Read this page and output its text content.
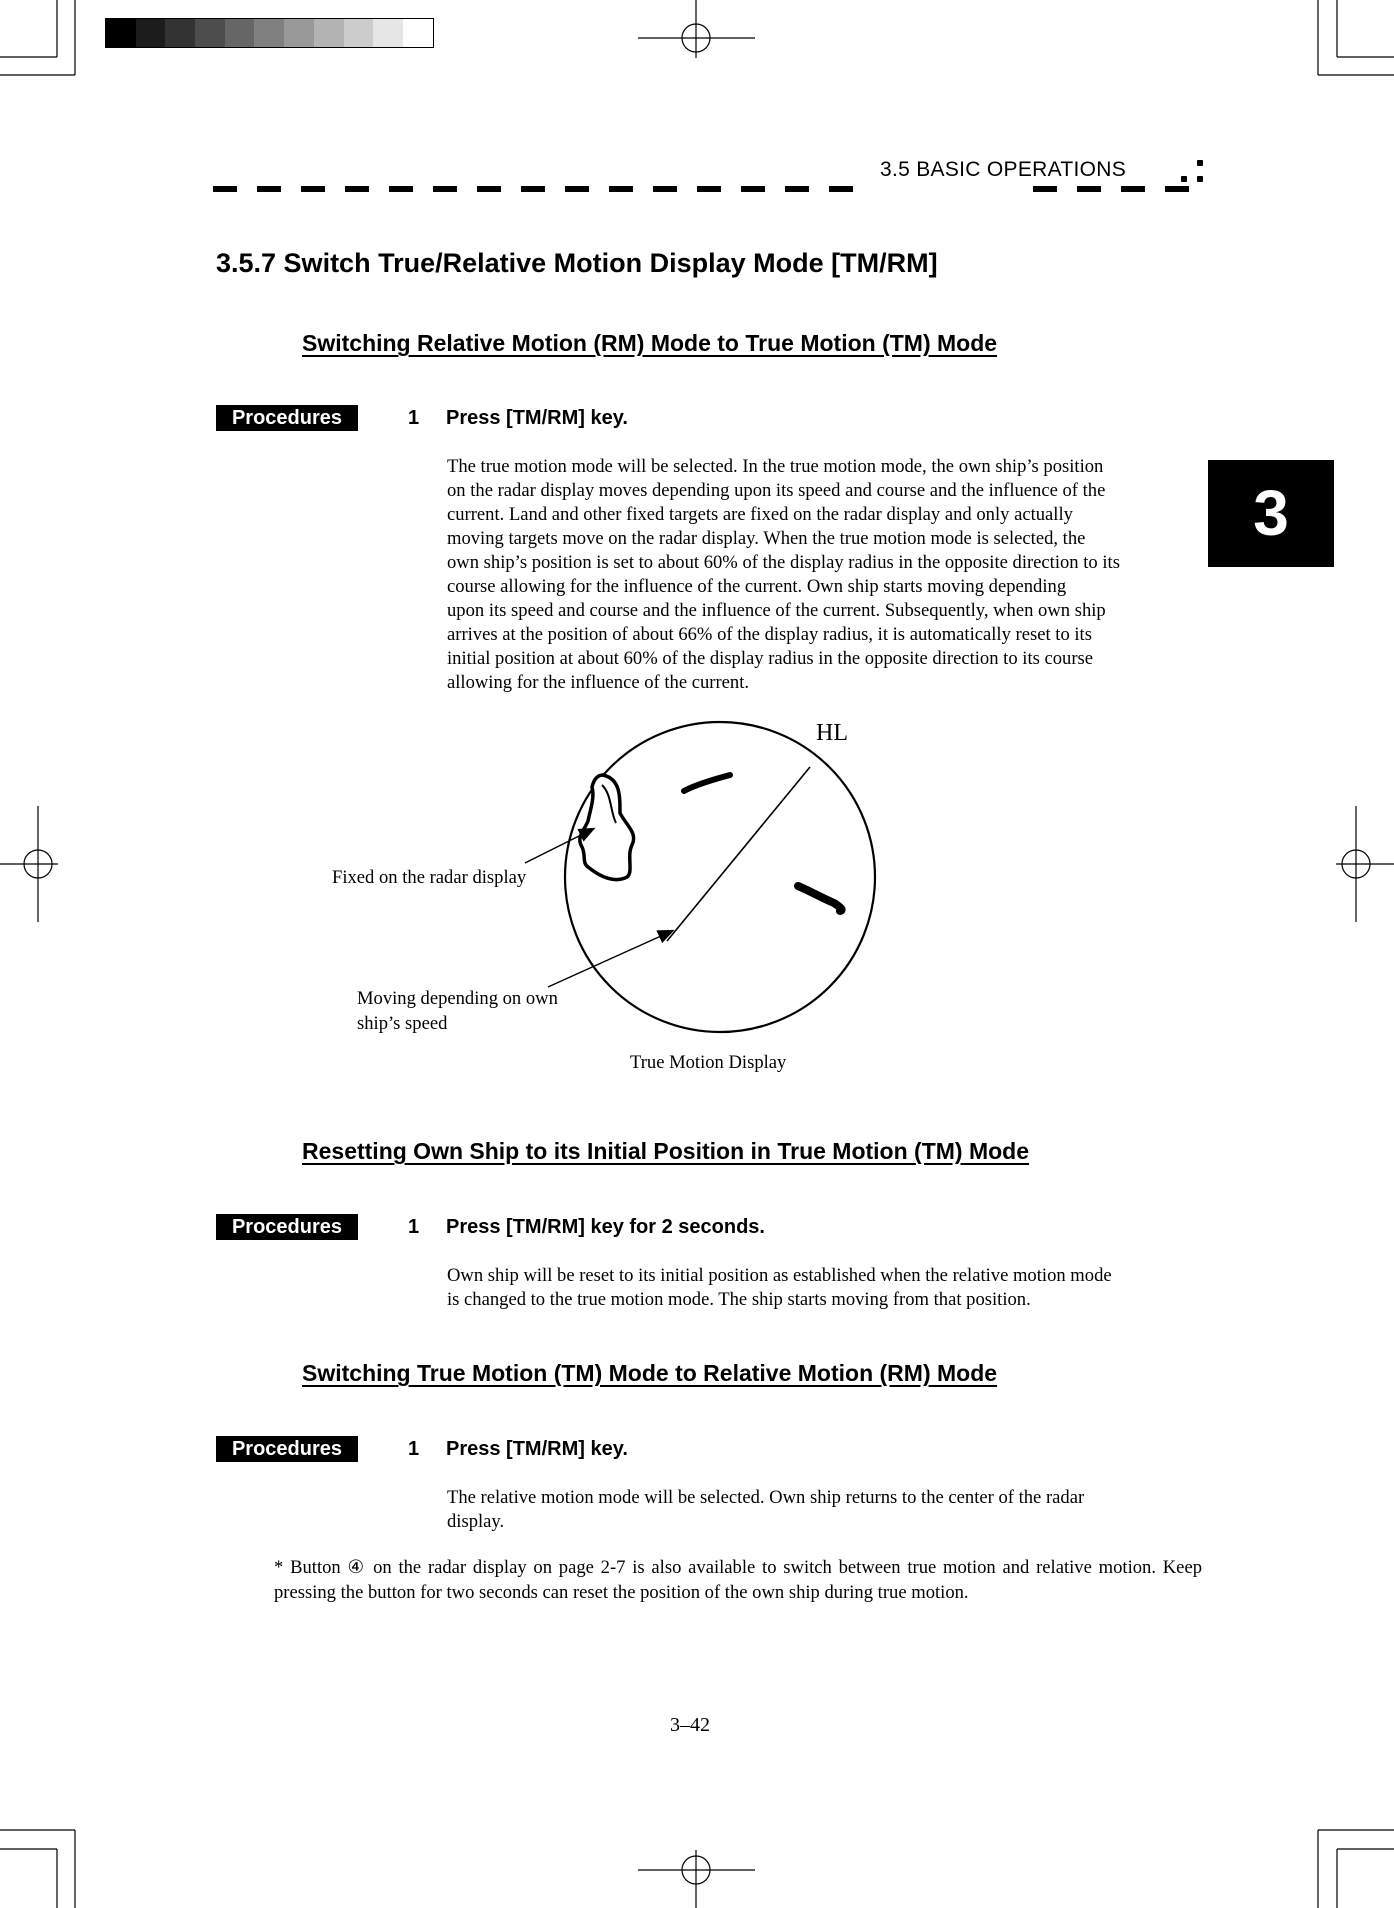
3.5 BASIC OPERATIONS
3
3.5.7 Switch True/Relative Motion Display Mode [TM/RM]
Switching Relative Motion (RM) Mode to True Motion (TM) Mode
Procedures	1 Press [TM/RM] key.
The true motion mode will be selected. In the true motion mode, the own ship’s position
on the radar display moves depending upon its speed and course and the influence of the
current. Land and other fixed targets are fixed on the radar display and only actually
moving targets move on the radar display. When the true motion mode is selected, the
own ship’s position is set to about 60% of the display radius in the opposite direction to its
course allowing for the influence of the current. Own ship starts moving depending
upon its speed and course and the influence of the current. Subsequently, when own ship
arrives at the position of about 66% of the display radius, it is automatically reset to its
initial position at about 60% of the display radius in the opposite direction to its course
allowing for the influence of the current.
HL
Fixed on the radar display
Moving depending on own
ship’s speed
True Motion Display
Resetting Own Ship to its Initial Position in True Motion (TM) Mode
Procedures	1 Press [TM/RM] key for 2 seconds.
Own ship will be reset to its initial position as established when the relative motion mode
is changed to the true motion mode. The ship starts moving from that position.
Switching True Motion (TM) Mode to Relative Motion (RM) Mode
Procedures	1 Press [TM/RM] key.
The relative motion mode will be selected. Own ship returns to the center of the radar
display.
* Button ④ on the radar display on page 2-7 is also available to switch between true motion and relative motion. Keep pressing the button for two seconds can reset the position of the own ship during true motion.
3‒42
